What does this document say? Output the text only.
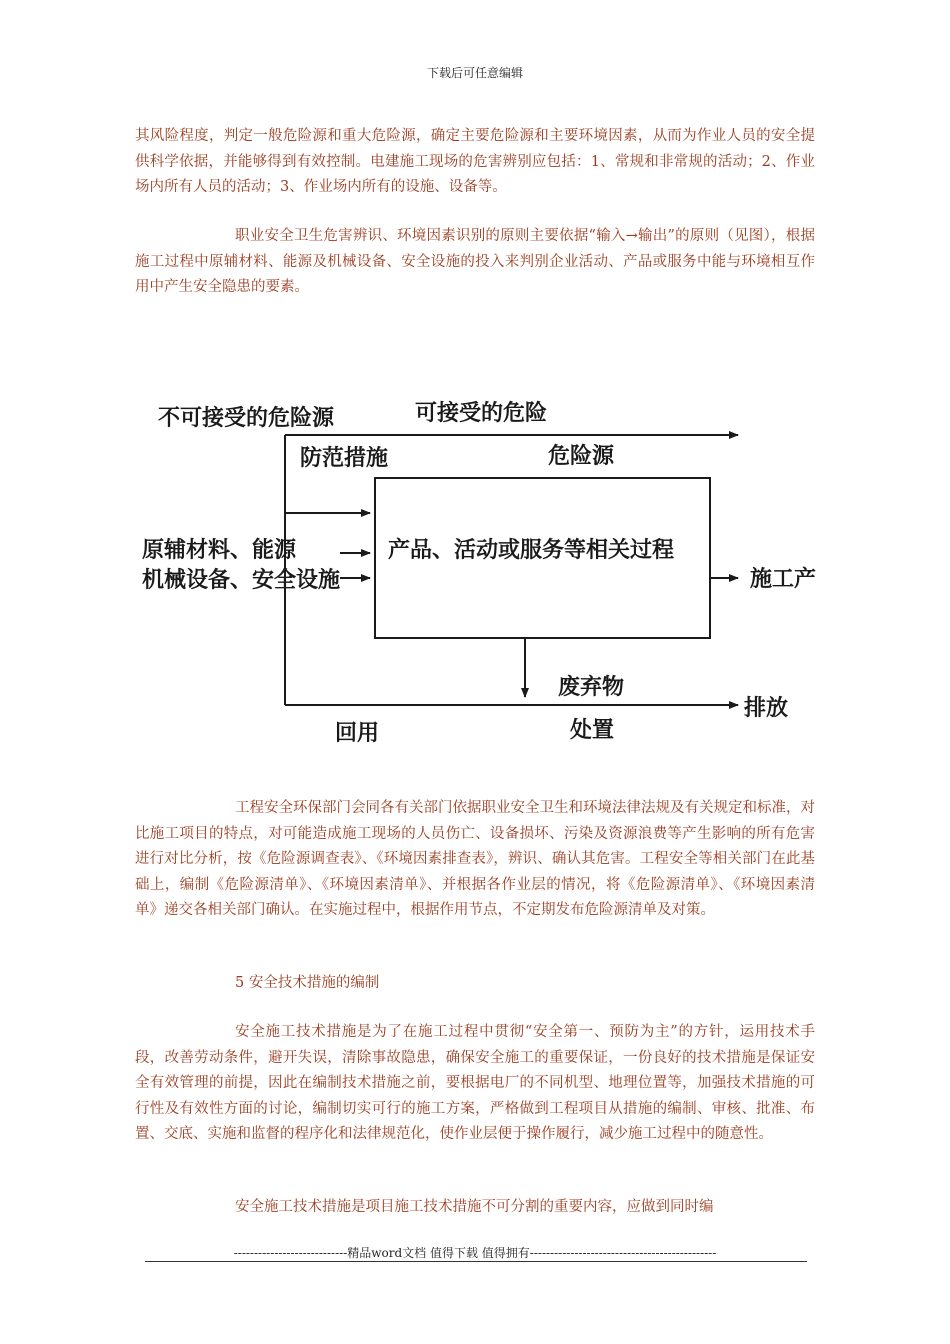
下载后可任意编辑

其风险程度，判定一般危险源和重大危险源，确定主要危险源和主要环境因素，从而为作业人员的安全提供科学依据，并能够得到有效控制。电建施工现场的危害辨别应包括：1、常规和非常规的活动；2、作业场内所有人员的活动；3、作业场内所有的设施、设备等。

职业安全卫生危害辨识、环境因素识别的原则主要依据“输入→输出”的原则（见图），根据施工过程中原辅材料、能源及机械设备、安全设施的投入来判别企业活动、产品或服务中能与环境相互作用中产生安全隐患的要素。

不可接受的危险源	可接受的危险
防范措施	危险源
原辅材料、能源
机械设备、安全设施
产品、活动或服务等相关过程
施工产
废弃物
排放
回用	处置

工程安全环保部门会同各有关部门依据职业安全卫生和环境法律法规及有关规定和标准，对比施工项目的特点，对可能造成施工现场的人员伤亡、设备损坏、污染及资源浪费等产生影响的所有危害进行对比分析，按《危险源调查表》、《环境因素排查表》，辨识、确认其危害。工程安全等相关部门在此基础上，编制《危险源清单》、《环境因素清单》、并根据各作业层的情况，将《危险源清单》、《环境因素清单》递交各相关部门确认。在实施过程中，根据作用节点，不定期发布危险源清单及对策。

5 安全技术措施的编制

安全施工技术措施是为了在施工过程中贯彻“安全第一、预防为主”的方针，运用技术手段，改善劳动条件，避开失误，清除事故隐患，确保安全施工的重要保证，一份良好的技术措施是保证安全有效管理的前提，因此在编制技术措施之前，要根据电厂的不同机型、地理位置等，加强技术措施的可行性及有效性方面的讨论，编制切实可行的施工方案，严格做到工程项目从措施的编制、审核、批准、布置、交底、实施和监督的程序化和法律规范化，使作业层便于操作履行，减少施工过程中的随意性。

安全施工技术措施是项目施工技术措施不可分割的重要内容，应做到同时编

----------------------------精品word文档 值得下载 值得拥有----------------------------------------------
